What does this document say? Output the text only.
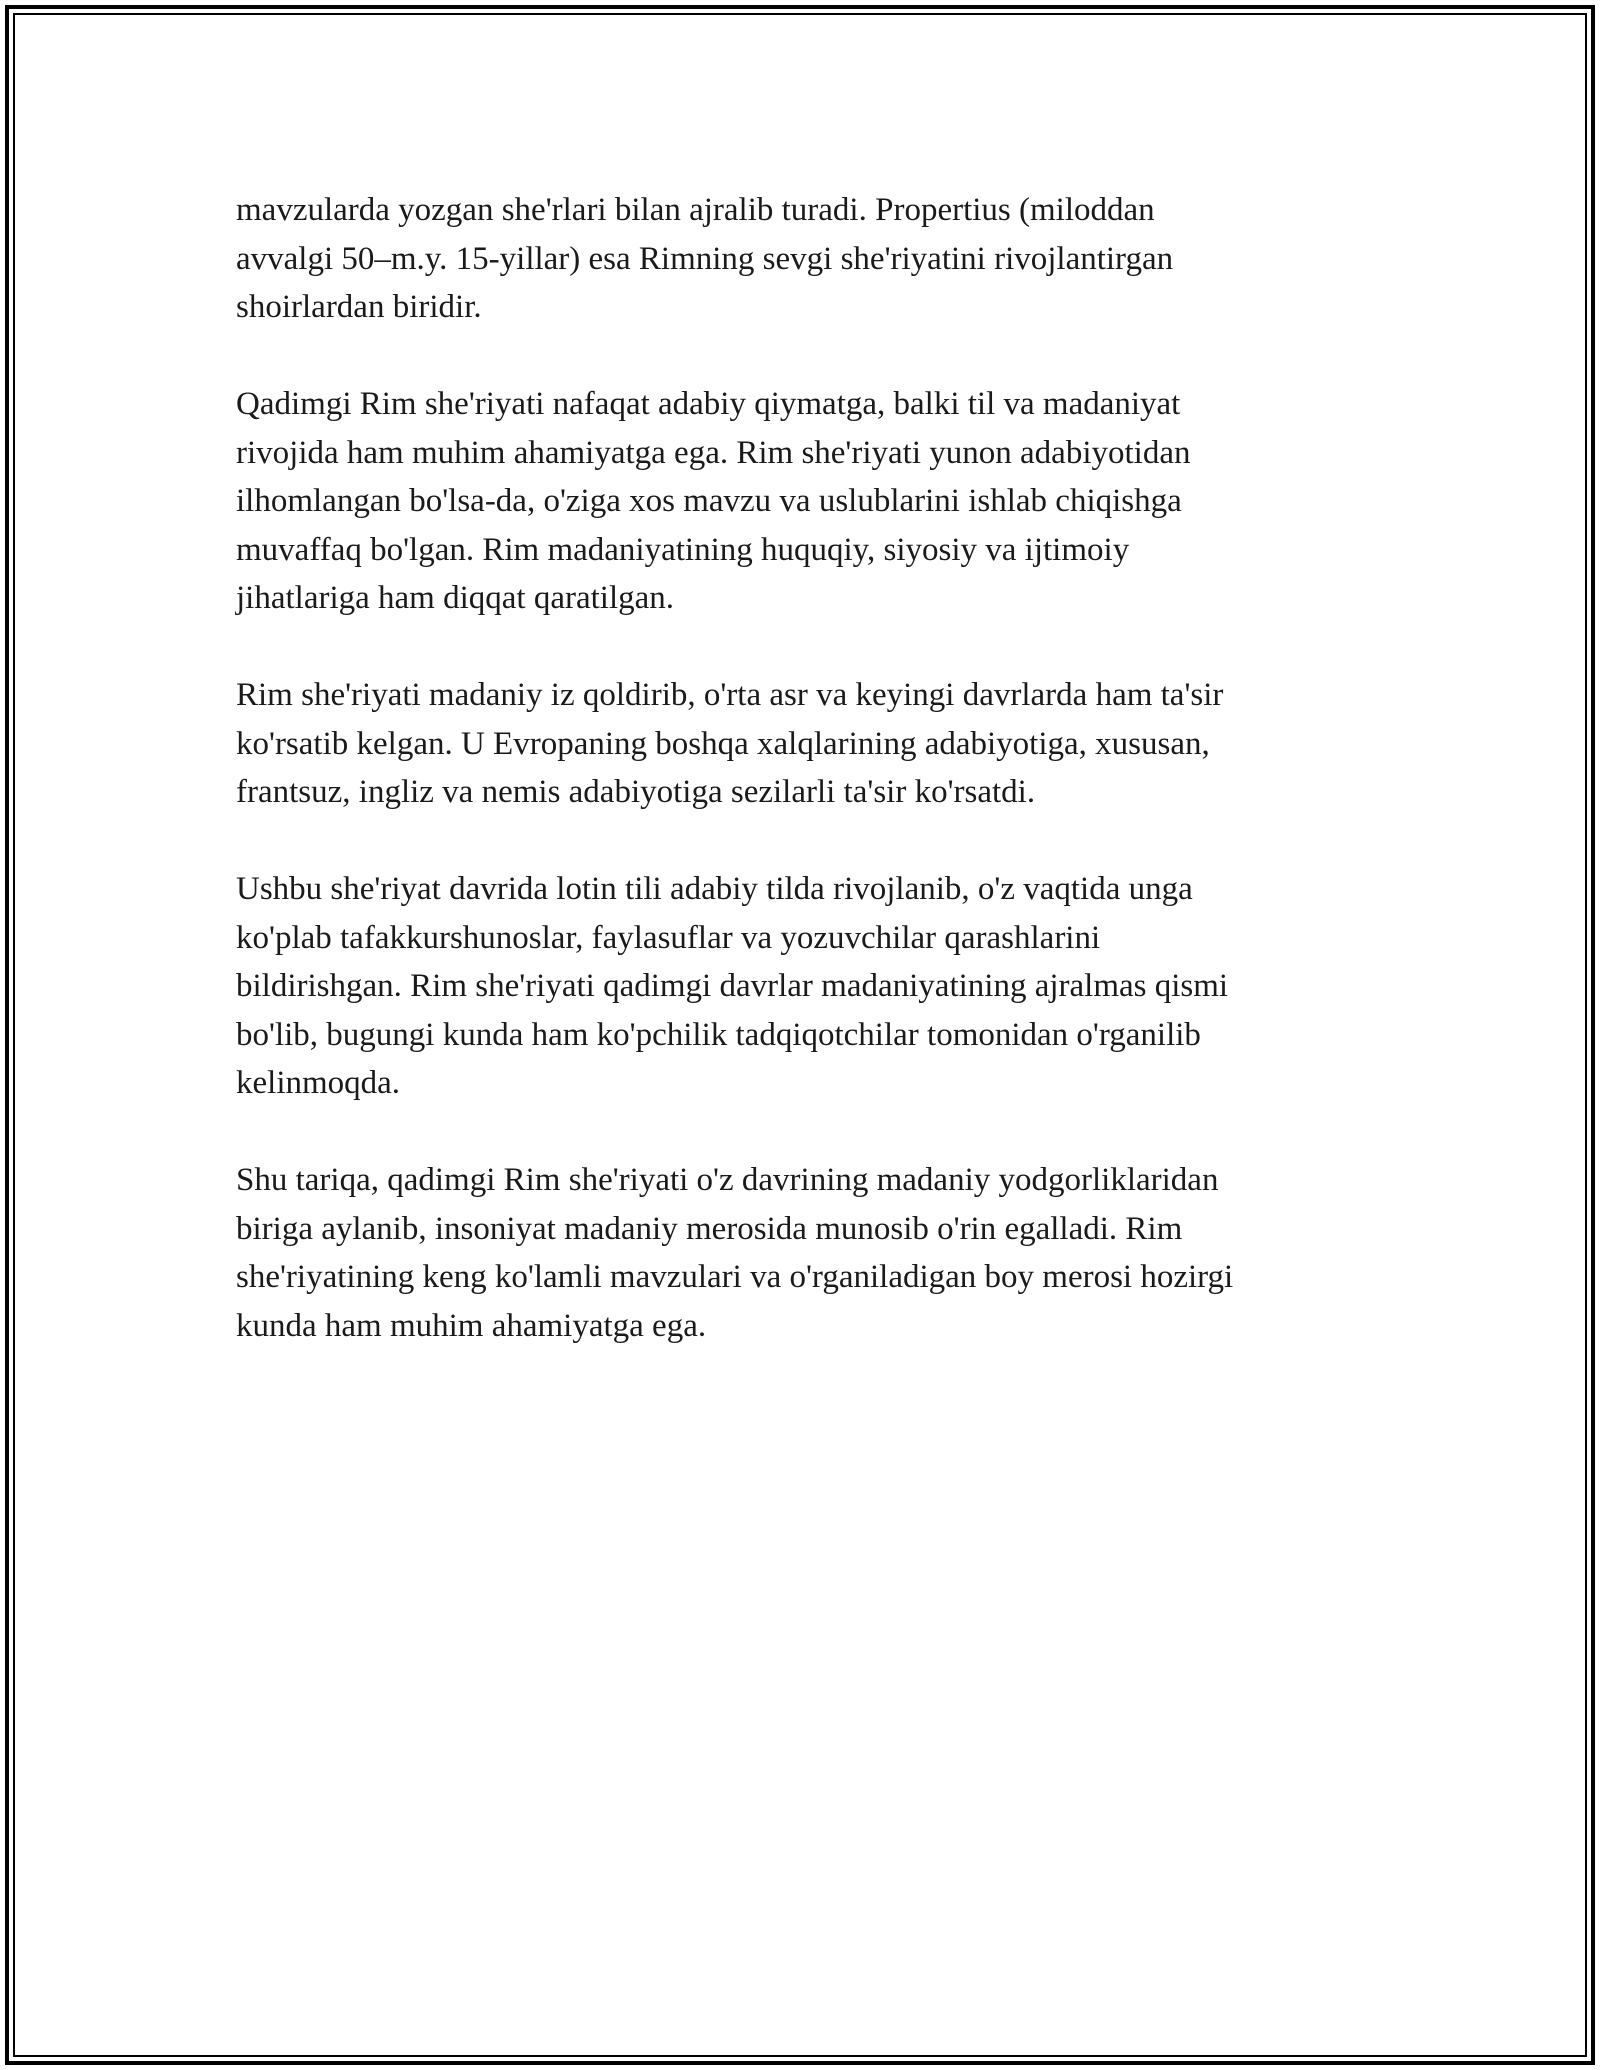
mavzularda yozgan she'rlari bilan ajralib turadi. Propertius (miloddan
avvalgi 50–m.y. 15-yillar) esa Rimning sevgi she'riyatini rivojlantirgan
shoirlardan biridir.

Qadimgi Rim she'riyati nafaqat adabiy qiymatga, balki til va madaniyat
rivojida ham muhim ahamiyatga ega. Rim she'riyati yunon adabiyotidan
ilhomlangan bo'lsa-da, o'ziga xos mavzu va uslublarini ishlab chiqishga
muvaffaq bo'lgan. Rim madaniyatining huquqiy, siyosiy va ijtimoiy
jihatlariga ham diqqat qaratilgan.

Rim she'riyati madaniy iz qoldirib, o'rta asr va keyingi davrlarda ham ta'sir
ko'rsatib kelgan. U Evropaning boshqa xalqlarining adabiyotiga, xususan,
frantsuz, ingliz va nemis adabiyotiga sezilarli ta'sir ko'rsatdi.

Ushbu she'riyat davrida lotin tili adabiy tilda rivojlanib, o'z vaqtida unga
ko'plab tafakkurshunoslar, faylasuflar va yozuvchilar qarashlarini
bildirishgan. Rim she'riyati qadimgi davrlar madaniyatining ajralmas qismi
bo'lib, bugungi kunda ham ko'pchilik tadqiqotchilar tomonidan o'rganilib
kelinmoqda.

Shu tariqa, qadimgi Rim she'riyati o'z davrining madaniy yodgorliklaridan
biriga aylanib, insoniyat madaniy merosida munosib o'rin egalladi. Rim
she'riyatining keng ko'lamli mavzulari va o'rganiladigan boy merosi hozirgi
kunda ham muhim ahamiyatga ega.
